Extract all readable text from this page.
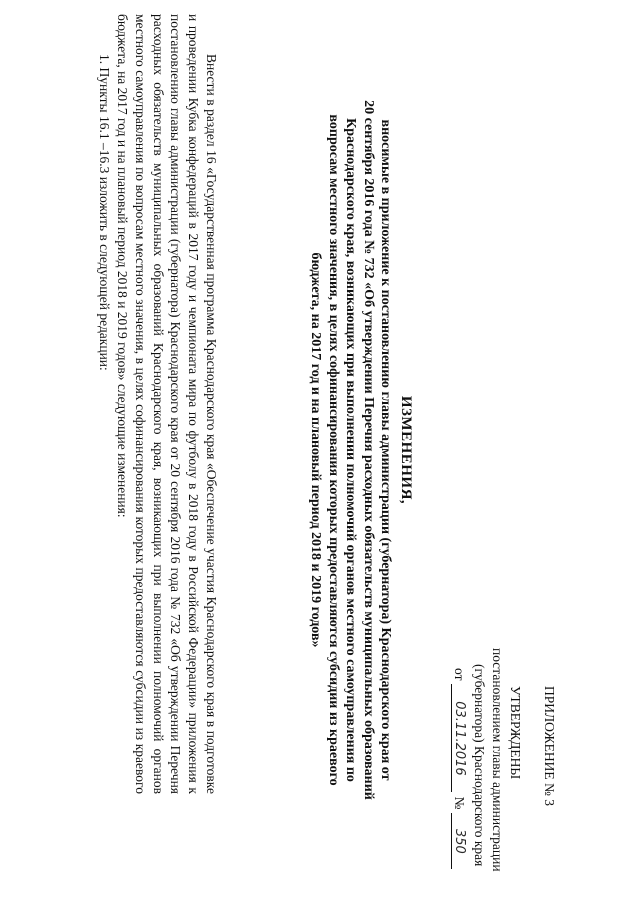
ПРИЛОЖЕНИЕ № 3
УТВЕРЖДЕНЫ
постановлением главы администрации
(губернатора) Краснодарского края
от
03.11.2016
№
350
ИЗМЕНЕНИЯ,
вносимые в приложение к постановлению главы администрации (губернатора) Краснодарского края от
20 сентября 2016 года № 732 «Об утверждении Перечня расходных обязательств муниципальных образований
Краснодарского края, возникающих при выполнении полномочий органов местного самоуправления по
вопросам местного значения, в целях софинансирования которых предоставляются субсидии из краевого
бюджета, на 2017 год и на плановый период 2018 и 2019 годов»

Внести в раздел 16 «Государственная программа Краснодарского края «Обеспечение участия Краснодарского края в подготовке и проведении Кубка конфедераций в 2017 году и чемпионата мира по футболу в 2018 году в Российской Федерации» приложения к постановлению главы администрации (губернатора) Краснодарского края от 20 сентября 2016 года № 732 «Об утверждении Перечня расходных обязательств муниципальных образований Краснодарского края, возникающих при выполнении полномочий органов местного самоуправления по вопросам местного значения, в целях софинансирования которых предоставляются субсидии из краевого бюджета, на 2017 год и на плановый период 2018 и 2019 годов» следующие изменения:

1. Пункты 16.1 –16.3 изложить в следующей редакции:
